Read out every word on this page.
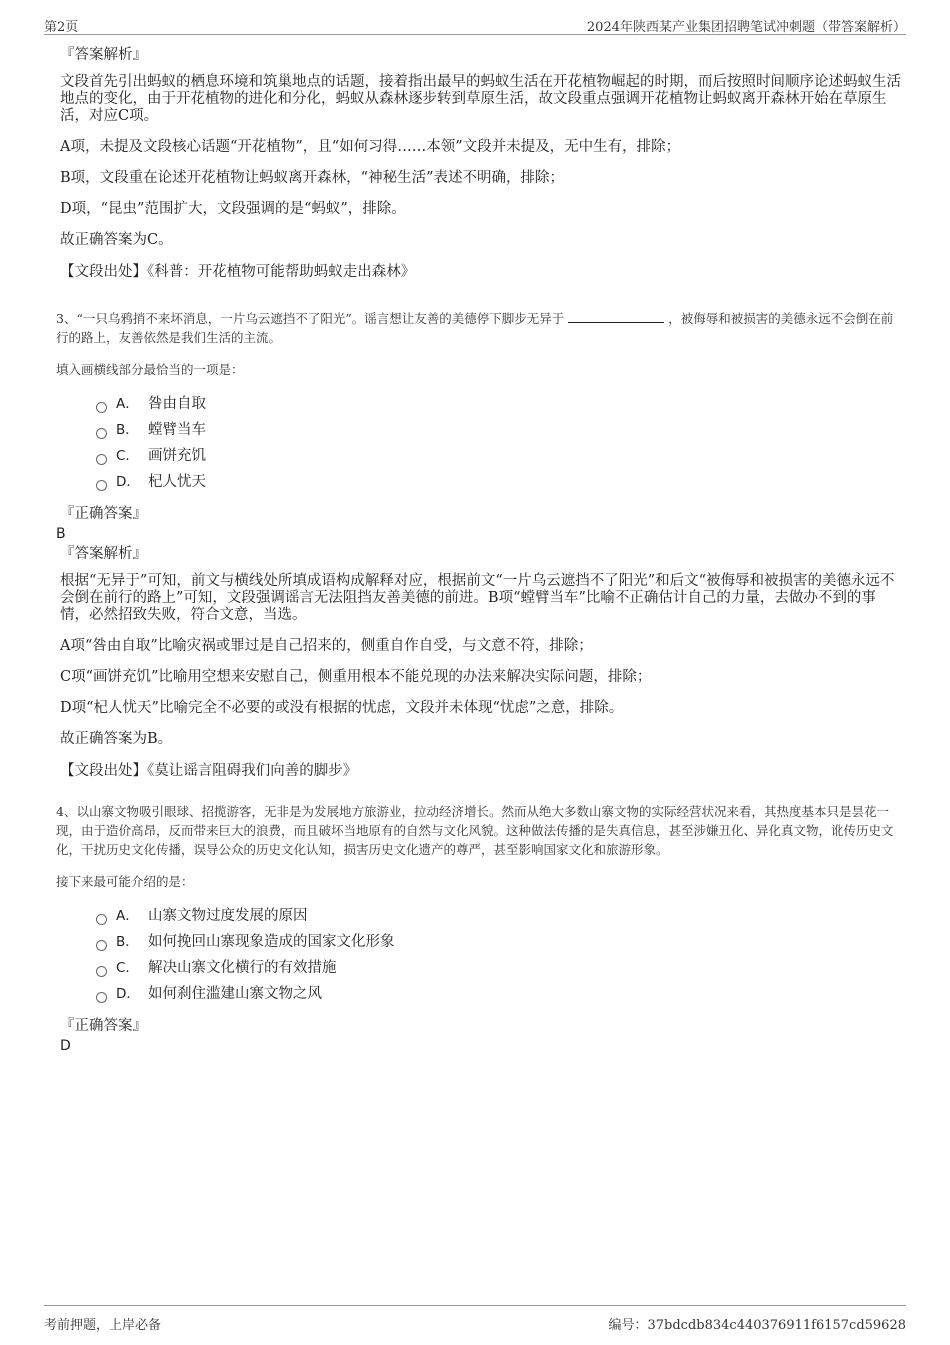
第2页	2024年陕西某产业集团招聘笔试冲刺题（带答案解析）
『答案解析』
文段首先引出蚂蚁的栖息环境和筑巢地点的话题，接着指出最早的蚂蚁生活在开花植物崛起的时期，而后按照时间顺序论述蚂蚁生活地点的变化，由于开花植物的进化和分化，蚂蚁从森林逐步转到草原生活，故文段重点强调开花植物让蚂蚁离开森林开始在草原生活，对应C项。
A项，未提及文段核心话题“开花植物”，且“如何习得……本领”文段并未提及，无中生有，排除；
B项，文段重在论述开花植物让蚂蚁离开森林，“神秘生活”表述不明确，排除；
D项，“昆虫”范围扩大，文段强调的是“蚂蚁”，排除。
故正确答案为C。
【文段出处】《科普：开花植物可能帮助蚂蚁走出森林》
3、“一只乌鸦捎不来坏消息，一片乌云遮挡不了阳光”。谣言想让友善的美德停下脚步无异于	，被侮辱和被损害的美德永远不会倒在前行的路上，友善依然是我们生活的主流。
填入画横线部分最恰当的一项是：
A． 咎由自取
B． 螳臂当车
C． 画饼充饥
D． 杞人忧天
『正确答案』
B
『答案解析』
根据“无异于”可知，前文与横线处所填成语构成解释对应，根据前文“一片乌云遮挡不了阳光”和后文“被侮辱和被损害的美德永远不会倒在前行的路上”可知，文段强调谣言无法阻挡友善美德的前进。B项“螳臂当车”比喻不正确估计自己的力量，去做办不到的事情，必然招致失败，符合文意，当选。
A项“咎由自取”比喻灾祸或罪过是自己招来的，侧重自作自受，与文意不符，排除；
C项“画饼充饥”比喻用空想来安慰自己，侧重用根本不能兑现的办法来解决实际问题，排除；
D项“杞人忧天”比喻完全不必要的或没有根据的忧虑，文段并未体现“忧虑”之意，排除。
故正确答案为B。
【文段出处】《莫让谣言阻碍我们向善的脚步》
4、以山寨文物吸引眼球、招揽游客，无非是为发展地方旅游业，拉动经济增长。然而从绝大多数山寨文物的实际经营状况来看，其热度基本只是昙花一现，由于造价高昂，反而带来巨大的浪费，而且破坏当地原有的自然与文化风貌。这种做法传播的是失真信息，甚至涉嫌丑化、异化真文物，讹传历史文化，干扰历史文化传播，误导公众的历史文化认知，损害历史文化遗产的尊严，甚至影响国家文化和旅游形象。
接下来最可能介绍的是：
A． 山寨文物过度发展的原因
B． 如何挽回山寨现象造成的国家文化形象
C． 解决山寨文化横行的有效措施
D． 如何刹住滥建山寨文物之风
『正确答案』
D
考前押题，上岸必备	编号：37bdcdb834c440376911f6157cd59628
